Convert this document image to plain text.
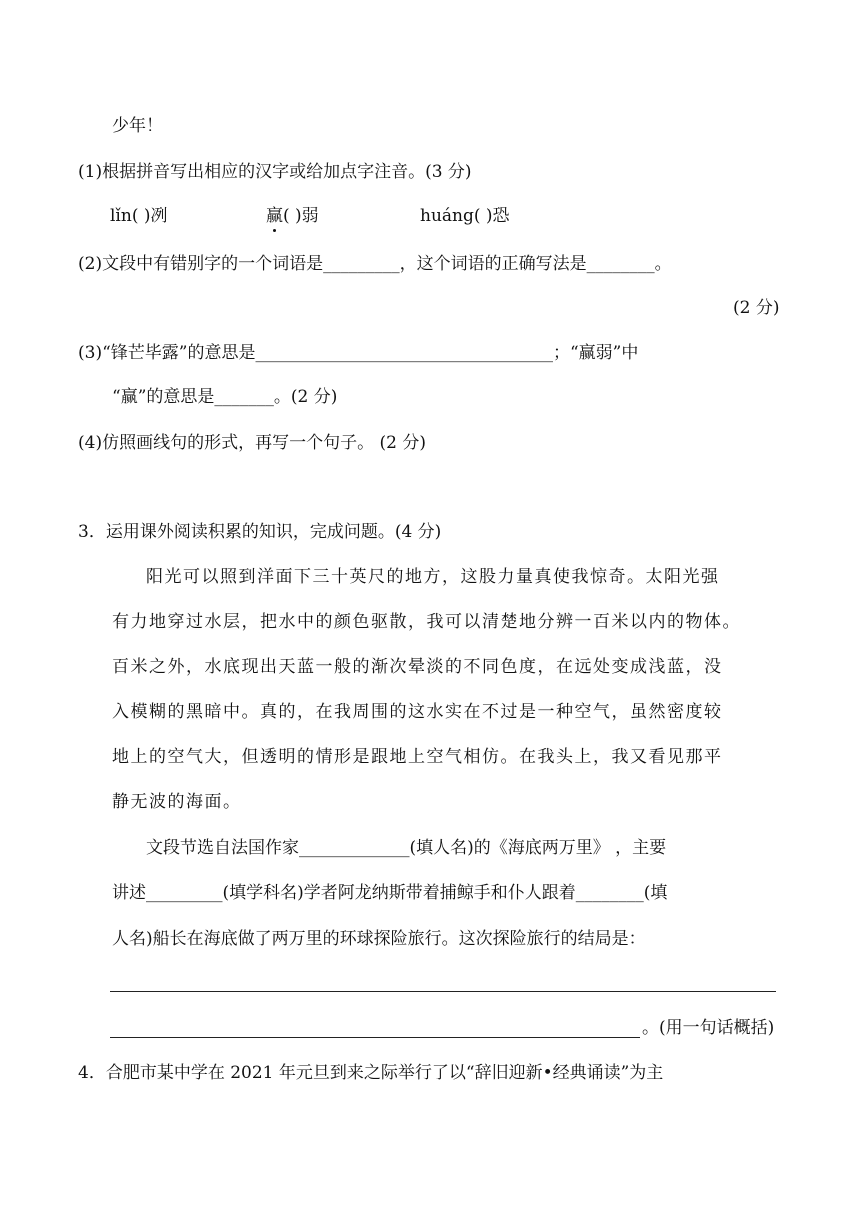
少年！
(1)根据拼音写出相应的汉字或给加点字注音。(3 分)
lǐn( )冽	赢( )弱	huáng( )恐
(2)文段中有错别字的一个词语是_________，这个词语的正确写法是________。
(2 分)
(3)“锋芒毕露”的意思是___________________________________；“赢弱”中
“赢”的意思是_______。(2 分)
(4)仿照画线句的形式，再写一个句子。 (2 分)
3．运用课外阅读积累的知识，完成问题。(4 分)
阳光可以照到洋面下三十英尺的地方，这股力量真使我惊奇。太阳光强
有力地穿过水层，把水中的颜色驱散，我可以清楚地分辨一百米以内的物体。
百米之外，水底现出天蓝一般的渐次晕淡的不同色度，在远处变成浅蓝，没
入模糊的黑暗中。真的，在我周围的这水实在不过是一种空气，虽然密度较
地上的空气大，但透明的情形是跟地上空气相仿。在我头上，我又看见那平
静无波的海面。
文段节选自法国作家_____________(填人名)的《海底两万里》 ，主要
讲述_________(填学科名)学者阿龙纳斯带着捕鲸手和仆人跟着________(填
人名)船长在海底做了两万里的环球探险旅行。这次探险旅行的结局是：
。(用一句话概括)
4．合肥市某中学在 2021 年元旦到来之际举行了以“辞旧迎新•经典诵读”为主
